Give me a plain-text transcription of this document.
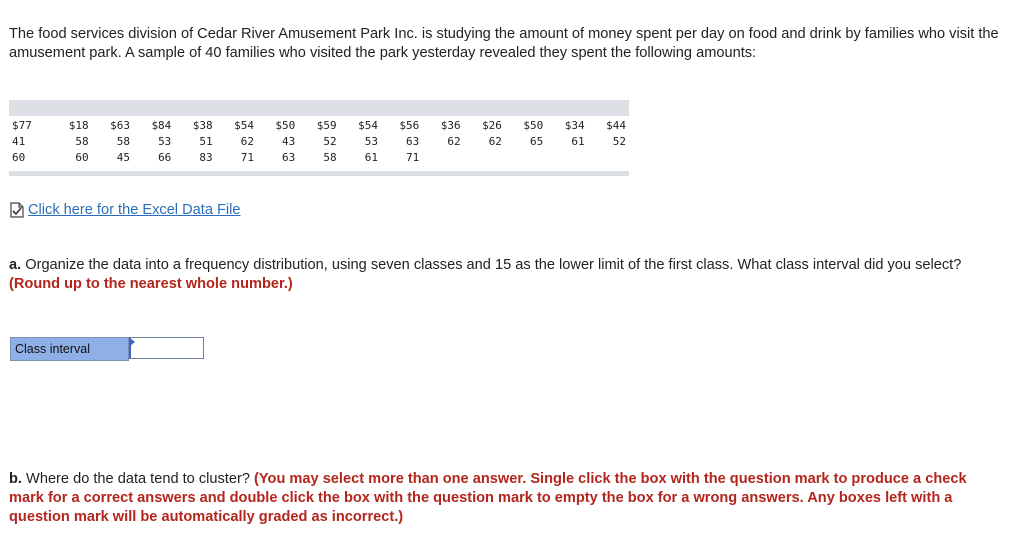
The food services division of Cedar River Amusement Park Inc. is studying the amount of money spent per day on food and drink by families who visit the amusement park. A sample of 40 families who visited the park yesterday revealed they spent the following amounts:

$77	$18	$63	$84	$38	$54	$50	$59	$54	$56	$36	$26	$50	$34	$44
41	58	58	53	51	62	43	52	53	63	62	62	65	61	52
60	60	45	66	83	71	63	58	61	71					
Click here for the Excel Data File

a. Organize the data into a frequency distribution, using seven classes and 15 as the lower limit of the first class. What class interval did you select? (Round up to the nearest whole number.)

Class interval

b. Where do the data tend to cluster? (You may select more than one answer. Single click the box with the question mark to produce a check mark for a correct answers and double click the box with the question mark to empty the box for a wrong answers. Any boxes left with a question mark will be automatically graded as incorrect.)
